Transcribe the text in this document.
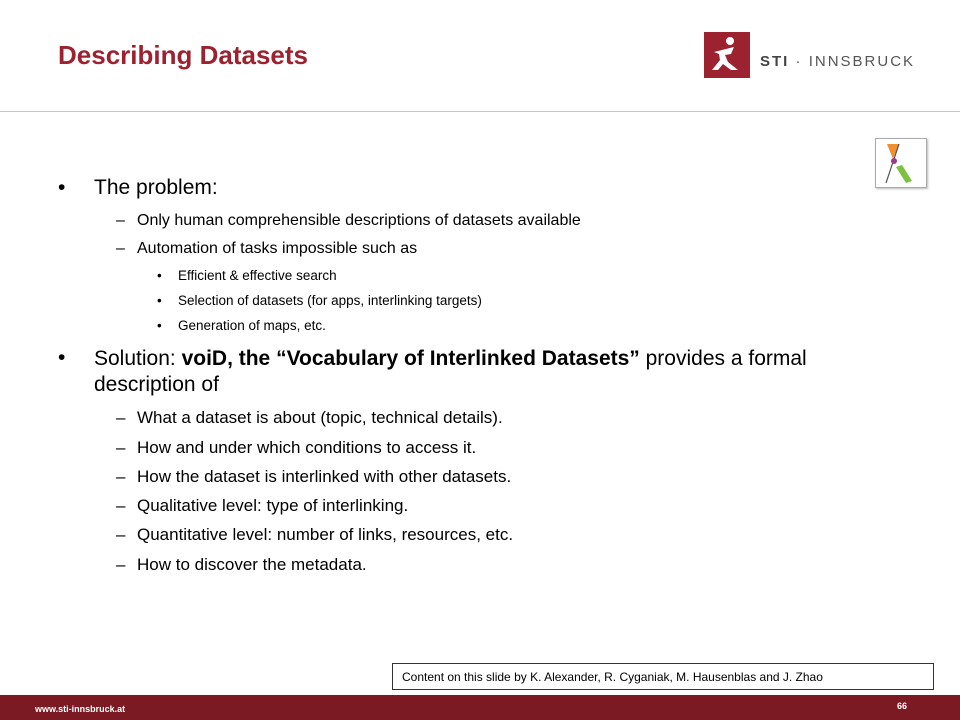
Describing Datasets	STI · INNSBRUCK
• The problem:
– Only human comprehensible descriptions of datasets available
– Automation of tasks impossible such as
• Efficient & effective search
• Selection of datasets (for apps, interlinking targets)
• Generation of maps, etc.
• Solution: voiD, the “Vocabulary of Interlinked Datasets” provides a formal description of
– What a dataset is about (topic, technical details).
– How and under which conditions to access it.
– How the dataset is interlinked with other datasets.
– Qualitative level: type of interlinking.
– Quantitative level: number of links, resources, etc.
– How to discover the metadata.
Content on this slide by K. Alexander, R. Cyganiak, M. Hausenblas and J. Zhao
www.sti-innsbruck.at	66
